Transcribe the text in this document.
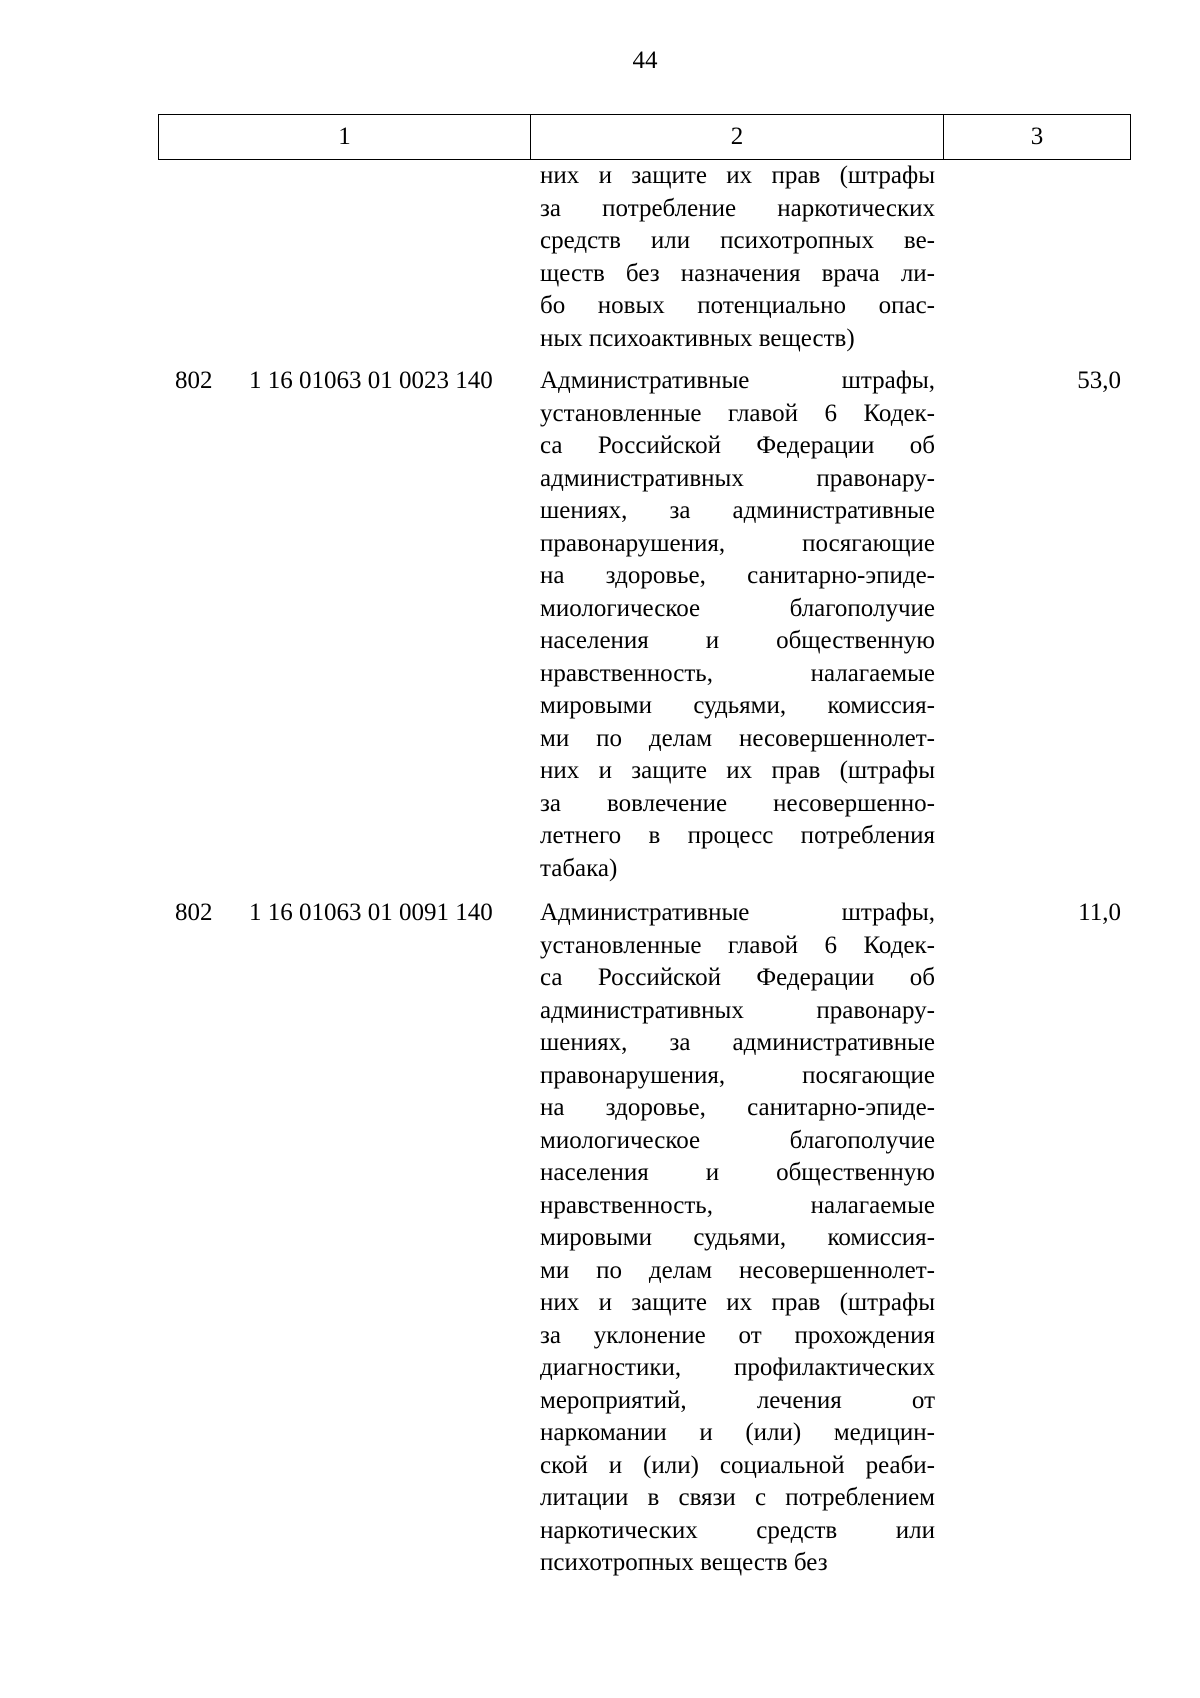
44
1	2	3
них и защите их прав (штрафы
за потребление наркотических
средств или психотропных ве-
ществ без назначения врача ли-
бо новых потенциально опас-
ных психоактивных веществ)
802 1 16 01063 01 0023 140 Административные штрафы,
установленные главой 6 Кодек-
са Российской Федерации об
административных правонару-
шениях, за административные
правонарушения, посягающие
на здоровье, санитарно-эпиде-
миологическое благополучие
населения и общественную
нравственность, налагаемые
мировыми судьями, комиссия-
ми по делам несовершеннолет-
них и защите их прав (штрафы
за вовлечение несовершенно-
летнего в процесс потребления
табака)
53,0
802 1 16 01063 01 0091 140 Административные штрафы,
установленные главой 6 Кодек-
са Российской Федерации об
административных правонару-
шениях, за административные
правонарушения, посягающие
на здоровье, санитарно-эпиде-
миологическое благополучие
населения и общественную
нравственность, налагаемые
мировыми судьями, комиссия-
ми по делам несовершеннолет-
них и защите их прав (штрафы
за уклонение от прохождения
диагностики, профилактических
мероприятий, лечения от
наркомании и (или) медицин-
ской и (или) социальной реаби-
литации в связи с потреблением
наркотических средств или
психотропных веществ без
11,0
